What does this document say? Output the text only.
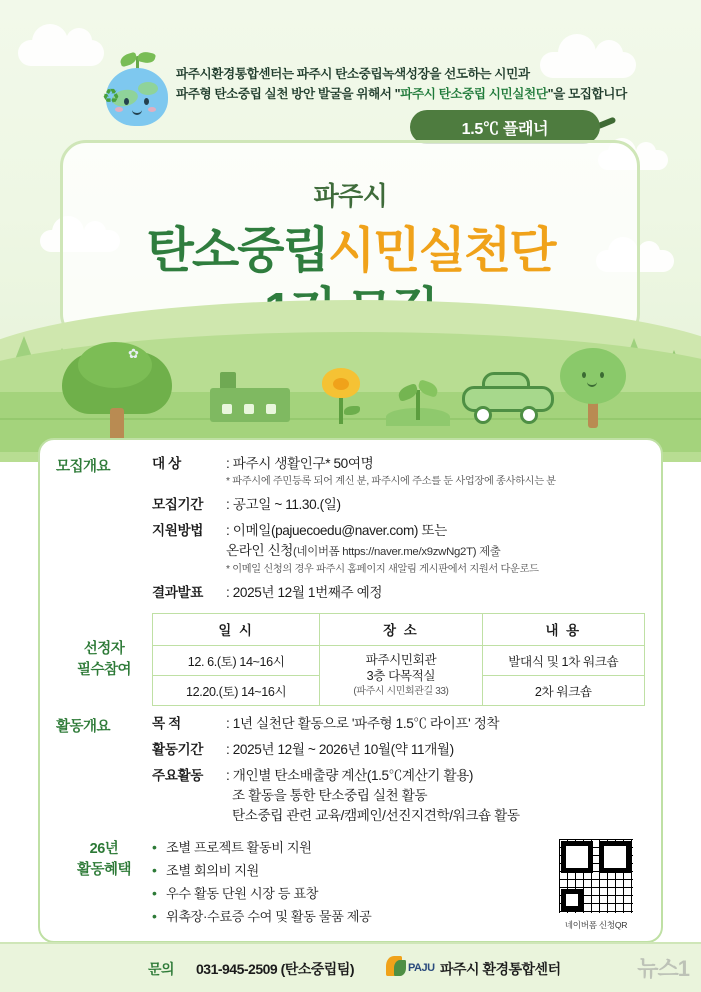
♻
파주시환경통합센터는 파주시 탄소중립녹색성장을 선도하는 시민과
파주형 탄소중립 실천 방안 발굴을 위해서 "파주시 탄소중립 시민실천단"을 모집합니다
1.5℃ 플래너
파주시
탄소중립시민실천단
✿
모집개요	대 상	: 파주시 생활인구* 50여명
* 파주시에 주민등록 되어 계신 분, 파주시에 주소를 둔 사업장에 종사하시는 분
모집기간 : 공고일 ~ 11.30.(일)
지원방법 : 이메일(pajuecoedu@naver.com) 또는
온라인 신청(네이버폼 https://naver.me/x9zwNg2T) 제출
* 이메일 신청의 경우 파주시 홈페이지 새알림 게시판에서 지원서 다운로드
결과발표 : 2025년 12월 1번째주 예정
선정자
필수참여
일 시	장 소	내 용
12. 6.(토) 14~16시	파주시민회관
3층 다목적실
(파주시 시민회관길 33)	발대식 및 1차 워크숍
12.20.(토) 14~16시		2차 워크숍
활동개요	목 적	: 1년 실천단 활동으로 '파주형 1.5℃ 라이프' 정착
활동기간 : 2025년 12월 ~ 2026년 10월(약 11개월)
주요활동 : 개인별 탄소배출량 계산(1.5℃계산기 활용)
조 활동을 통한 탄소중립 실천 활동
탄소중립 관련 교육/캠페인/선진지견학/워크숍 활동
26년
활동혜택
• 조별 프로젝트 활동비 지원
• 조별 회의비 지원
• 우수 활동 단원 시장 등 표창
• 위촉장·수료증 수여 및 활동 물품 제공
네이버폼 신청QR
문의 031-945-2509 (탄소중립팀)	PAJU 파주시 환경통합센터	뉴스1
